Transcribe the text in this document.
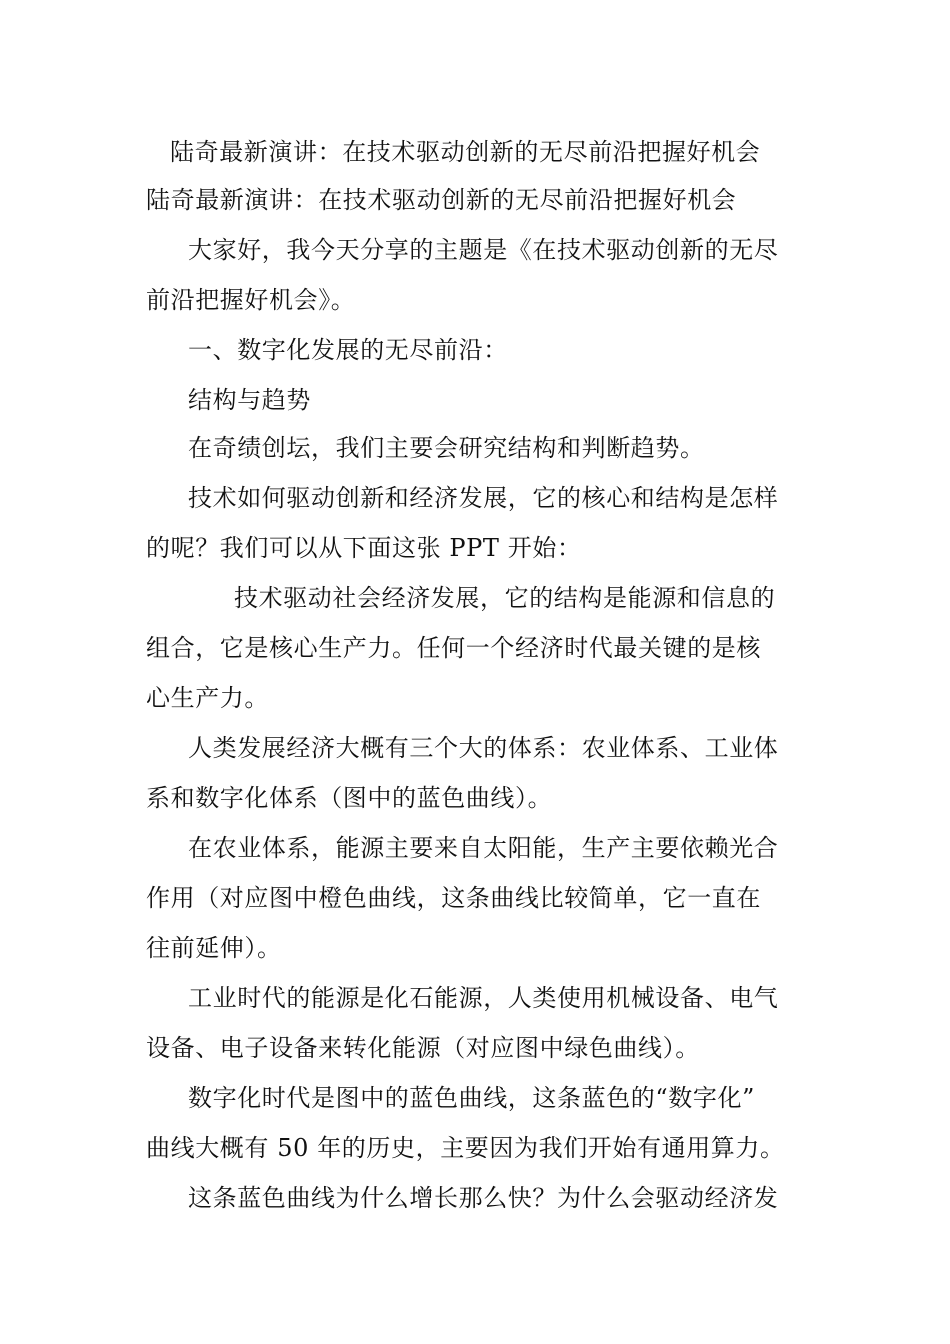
陆奇最新演讲：在技术驱动创新的无尽前沿把握好机会
陆奇最新演讲：在技术驱动创新的无尽前沿把握好机会
大家好，我今天分享的主题是《在技术驱动创新的无尽
前沿把握好机会》。
一、数字化发展的无尽前沿：
结构与趋势
在奇绩创坛，我们主要会研究结构和判断趋势。
技术如何驱动创新和经济发展，它的核心和结构是怎样
的呢？我们可以从下面这张 PPT 开始：
技术驱动社会经济发展，它的结构是能源和信息的
组合，它是核心生产力。任何一个经济时代最关键的是核
心生产力。
人类发展经济大概有三个大的体系：农业体系、工业体
系和数字化体系（图中的蓝色曲线）。
在农业体系，能源主要来自太阳能，生产主要依赖光合
作用（对应图中橙色曲线，这条曲线比较简单，它一直在
往前延伸）。
工业时代的能源是化石能源，人类使用机械设备、电气
设备、电子设备来转化能源（对应图中绿色曲线）。
数字化时代是图中的蓝色曲线，这条蓝色的“数字化”
曲线大概有 50 年的历史，主要因为我们开始有通用算力。
这条蓝色曲线为什么增长那么快？为什么会驱动经济发
